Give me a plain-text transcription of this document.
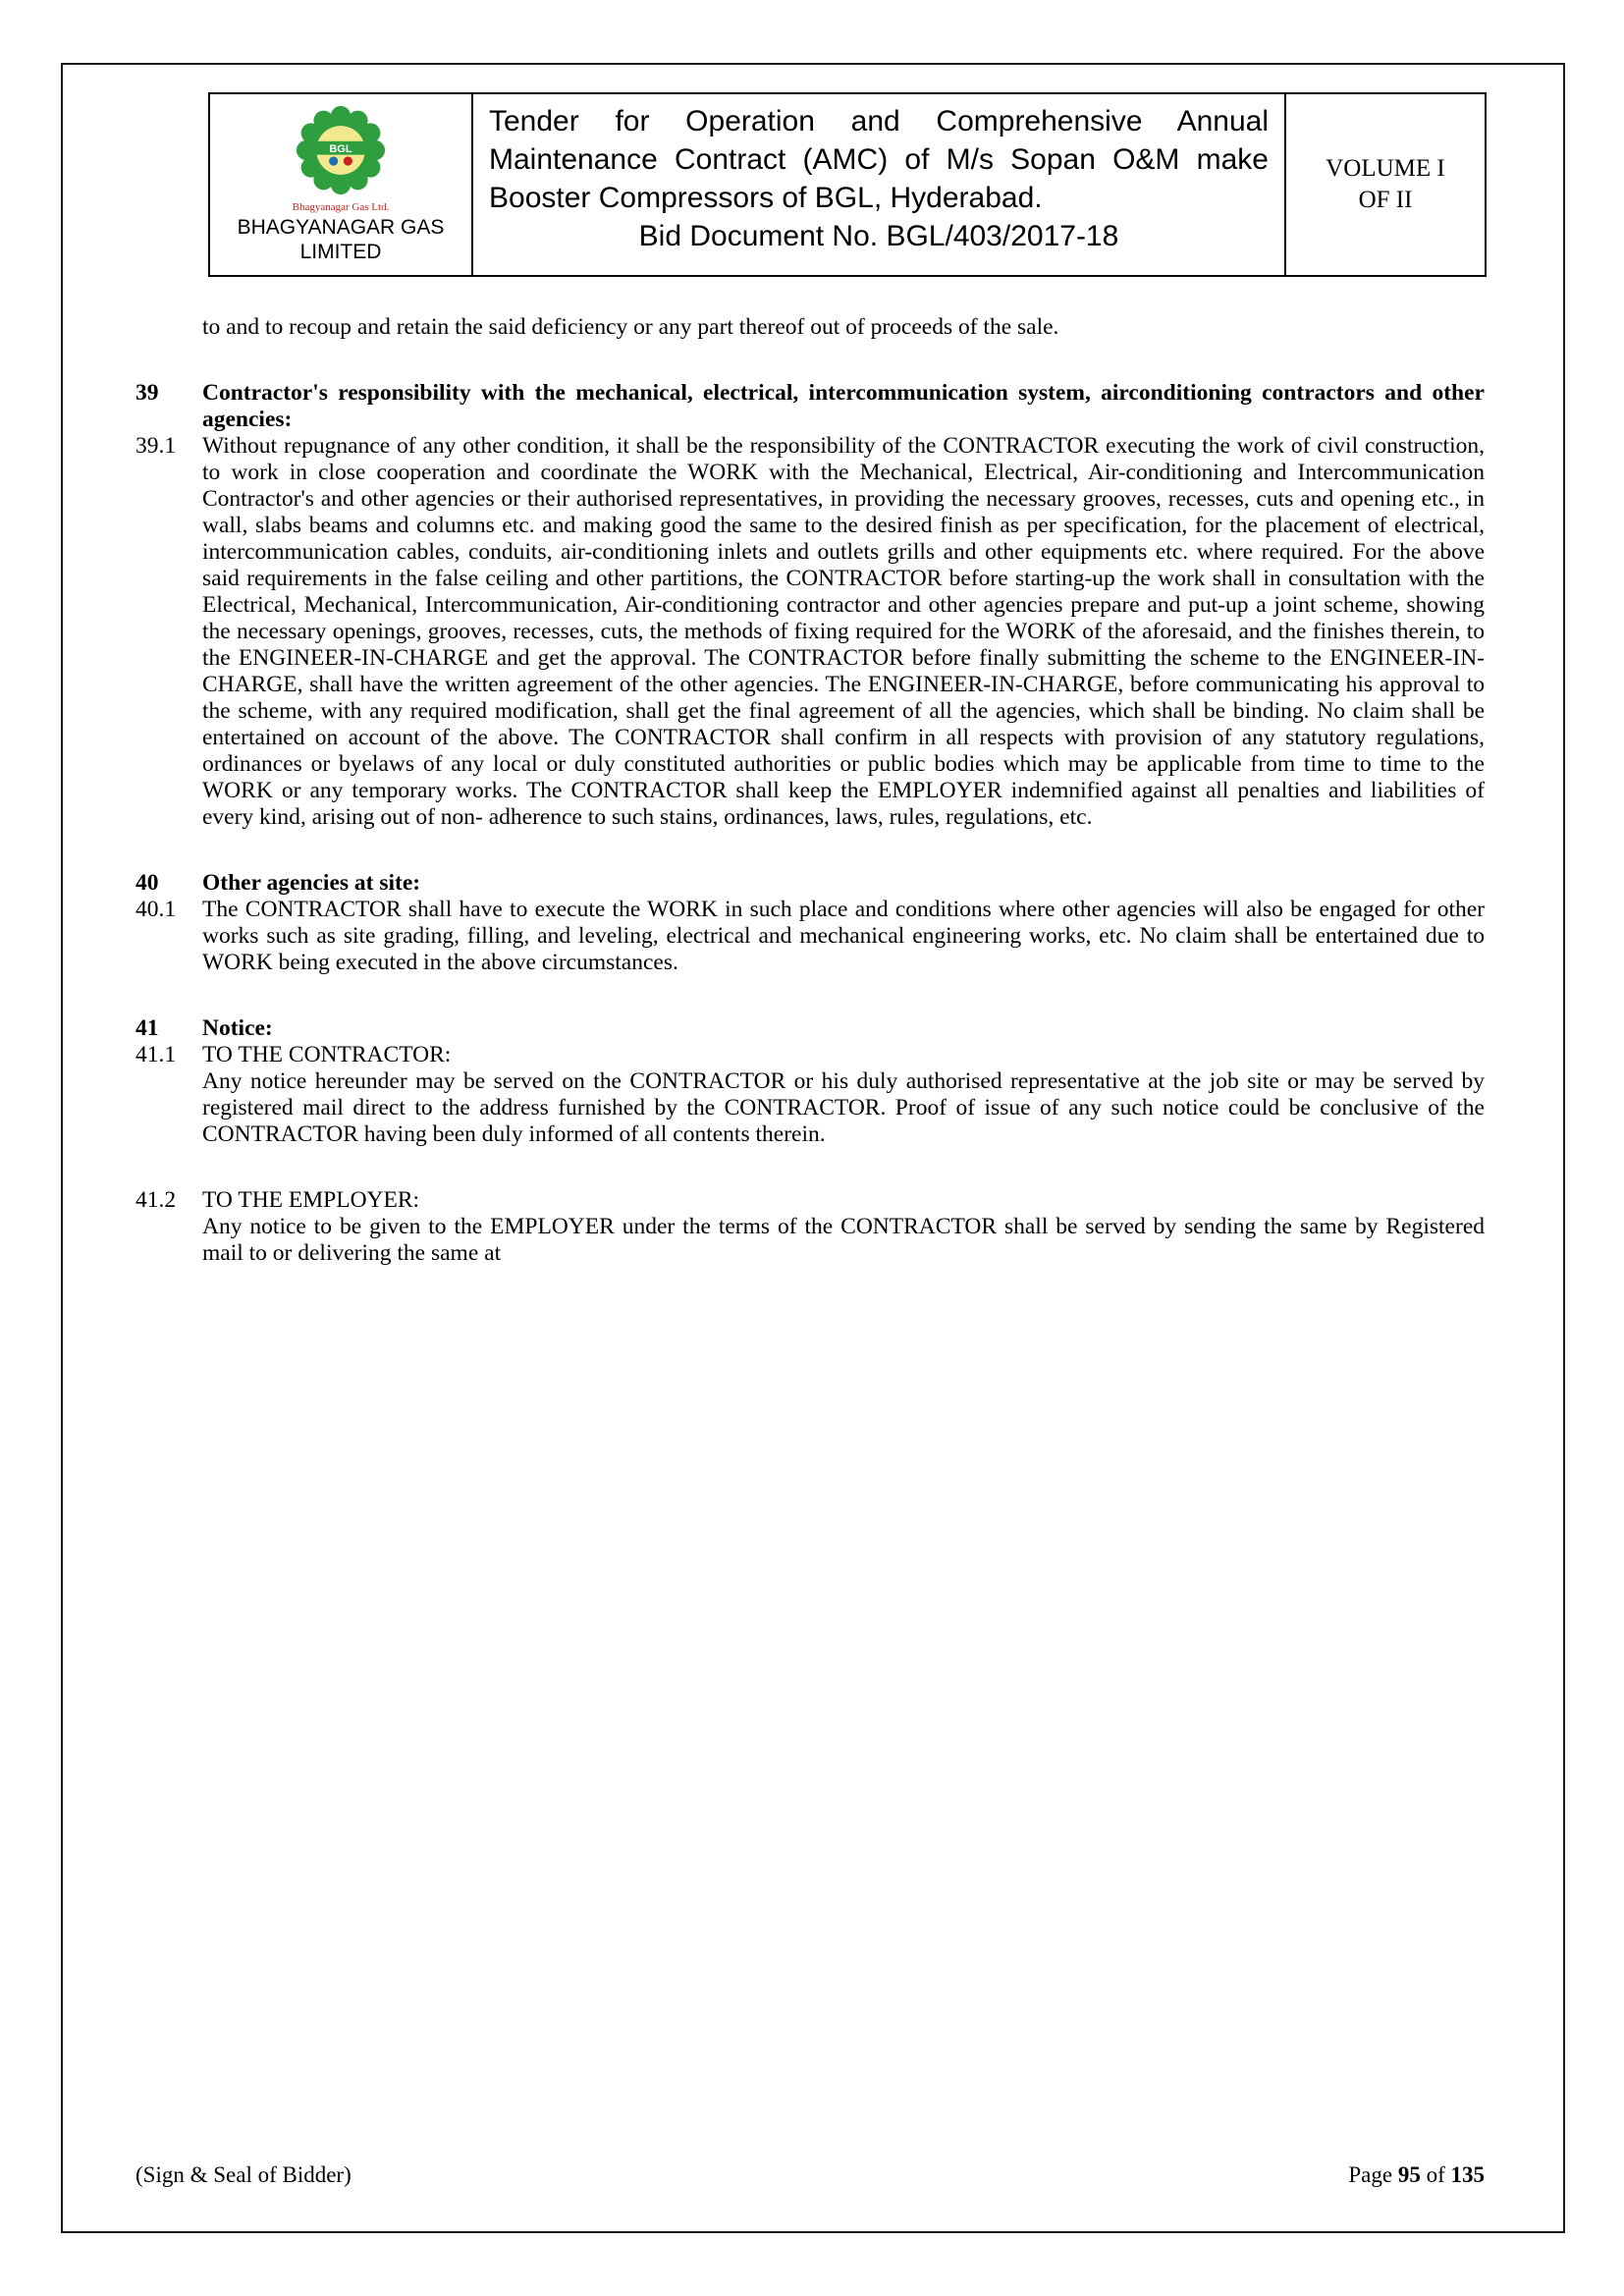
BGL
Bhagyanagar Gas Ltd.
BHAGYANAGAR GAS
LIMITED
Tender for Operation and Comprehensive Annual Maintenance Contract (AMC) of M/s Sopan O&M make Booster Compressors of BGL, Hyderabad.
Bid Document No. BGL/403/2017-18
VOLUME I
OF II
to and to recoup and retain the said deficiency or any part thereof out of proceeds of the sale.
39	Contractor's responsibility with the mechanical, electrical, intercommunication system, airconditioning contractors and other agencies:
39.1	Without repugnance of any other condition, it shall be the responsibility of the CONTRACTOR executing the work of civil construction, to work in close cooperation and coordinate the WORK with the Mechanical, Electrical, Air-conditioning and Intercommunication Contractor's and other agencies or their authorised representatives, in providing the necessary grooves, recesses, cuts and opening etc., in wall, slabs beams and columns etc. and making good the same to the desired finish as per specification, for the placement of electrical, intercommunication cables, conduits, air-conditioning inlets and outlets grills and other equipments etc. where required. For the above said requirements in the false ceiling and other partitions, the CONTRACTOR before starting-up the work shall in consultation with the Electrical, Mechanical, Intercommunication, Air-conditioning contractor and other agencies prepare and put-up a joint scheme, showing the necessary openings, grooves, recesses, cuts, the methods of fixing required for the WORK of the aforesaid, and the finishes therein, to the ENGINEER-IN-CHARGE and get the approval. The CONTRACTOR before finally submitting the scheme to the ENGINEER-IN-CHARGE, shall have the written agreement of the other agencies. The ENGINEER-IN-CHARGE, before communicating his approval to the scheme, with any required modification, shall get the final agreement of all the agencies, which shall be binding. No claim shall be entertained on account of the above. The CONTRACTOR shall confirm in all respects with provision of any statutory regulations, ordinances or byelaws of any local or duly constituted authorities or public bodies which may be applicable from time to time to the WORK or any temporary works. The CONTRACTOR shall keep the EMPLOYER indemnified against all penalties and liabilities of every kind, arising out of non- adherence to such stains, ordinances, laws, rules, regulations, etc.
40	Other agencies at site:
40.1	The CONTRACTOR shall have to execute the WORK in such place and conditions where other agencies will also be engaged for other works such as site grading, filling, and leveling, electrical and mechanical engineering works, etc. No claim shall be entertained due to WORK being executed in the above circumstances.
41	Notice:
41.1	TO THE CONTRACTOR:
Any notice hereunder may be served on the CONTRACTOR or his duly authorised representative at the job site or may be served by registered mail direct to the address furnished by the CONTRACTOR. Proof of issue of any such notice could be conclusive of the CONTRACTOR having been duly informed of all contents therein.
41.2	TO THE EMPLOYER:
Any notice to be given to the EMPLOYER under the terms of the CONTRACTOR shall be served by sending the same by Registered mail to or delivering the same at
(Sign & Seal of Bidder)	Page 95 of 135
